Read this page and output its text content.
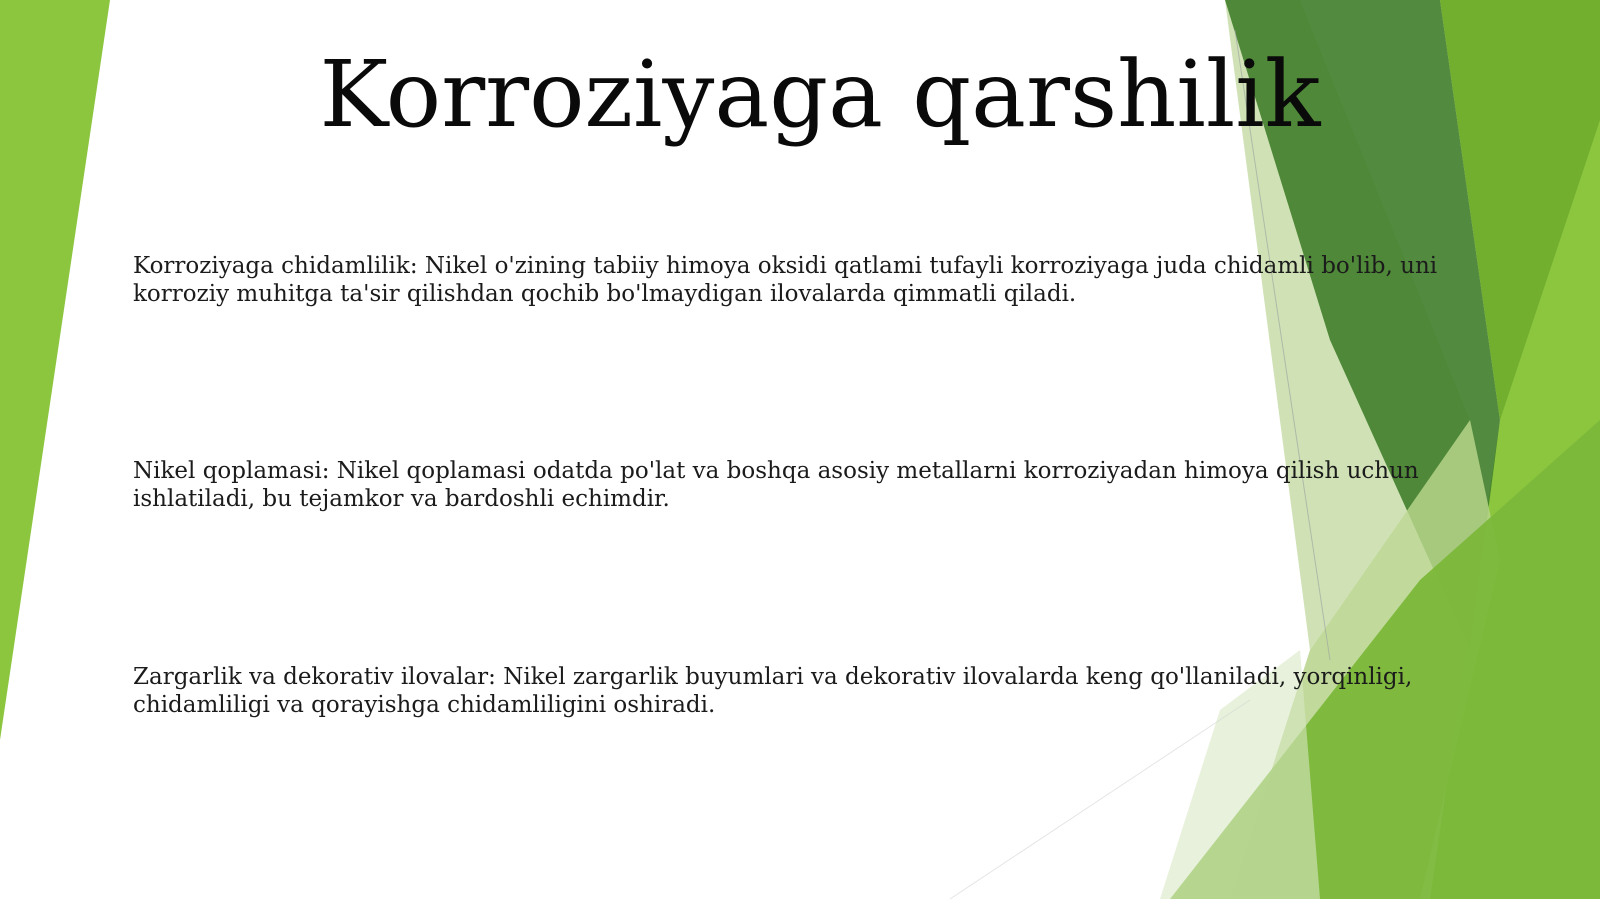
Korroziyaga qarshilik

Korroziyaga chidamlilik: Nikel o'zining tabiiy himoya oksidi qatlami tufayli korroziyaga juda chidamli bo'lib, uni korroziy muhitga ta'sir qilishdan qochib bo'lmaydigan ilovalarda qimmatli qiladi.

Nikel qoplamasi: Nikel qoplamasi odatda po'lat va boshqa asosiy metallarni korroziyadan himoya qilish uchun ishlatiladi, bu tejamkor va bardoshli echimdir.

Zargarlik va dekorativ ilovalar: Nikel zargarlik buyumlari va dekorativ ilovalarda keng qo'llaniladi, yorqinligi, chidamliligi va qorayishga chidamliligini oshiradi.
